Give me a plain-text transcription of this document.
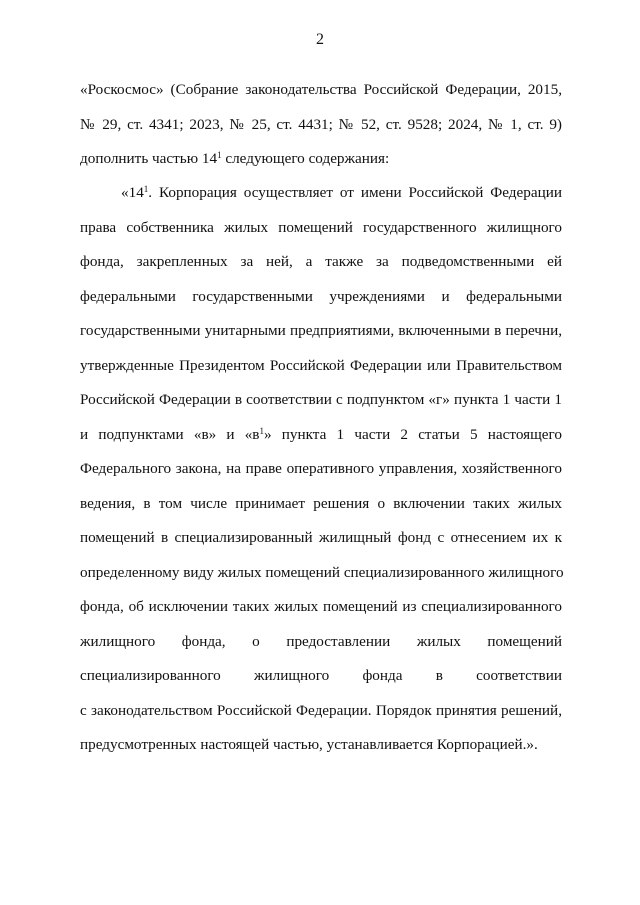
2
«Роскосмос» (Собрание законодательства Российской Федерации, 2015,
№ 29, ст. 4341; 2023, № 25, ст. 4431; № 52, ст. 9528; 2024, № 1, ст. 9)
дополнить частью $14^1$ следующего содержания:
«$14^1$. Корпорация осуществляет от имени Российской Федерации
права собственника жилых помещений государственного жилищного
фонда, закрепленных за ней, а также за подведомственными ей
федеральными государственными учреждениями и федеральными
государственными унитарными предприятиями, включенными в перечни,
утвержденные Президентом Российской Федерации или Правительством
Российской Федерации в соответствии с подпунктом «г» пункта 1 части 1
и подпунктами «в» и «$в^1$» пункта 1 части 2 статьи 5 настоящего
Федерального закона, на праве оперативного управления, хозяйственного
ведения, в том числе принимает решения о включении таких жилых
помещений в специализированный жилищный фонд с отнесением их к
определенному виду жилых помещений специализированного жилищного
фонда, об исключении таких жилых помещений из специализированного
жилищного фонда, о предоставлении жилых помещений
специализированного жилищного фонда в соответствии
с законодательством Российской Федерации. Порядок принятия решений,
предусмотренных настоящей частью, устанавливается Корпорацией.».
